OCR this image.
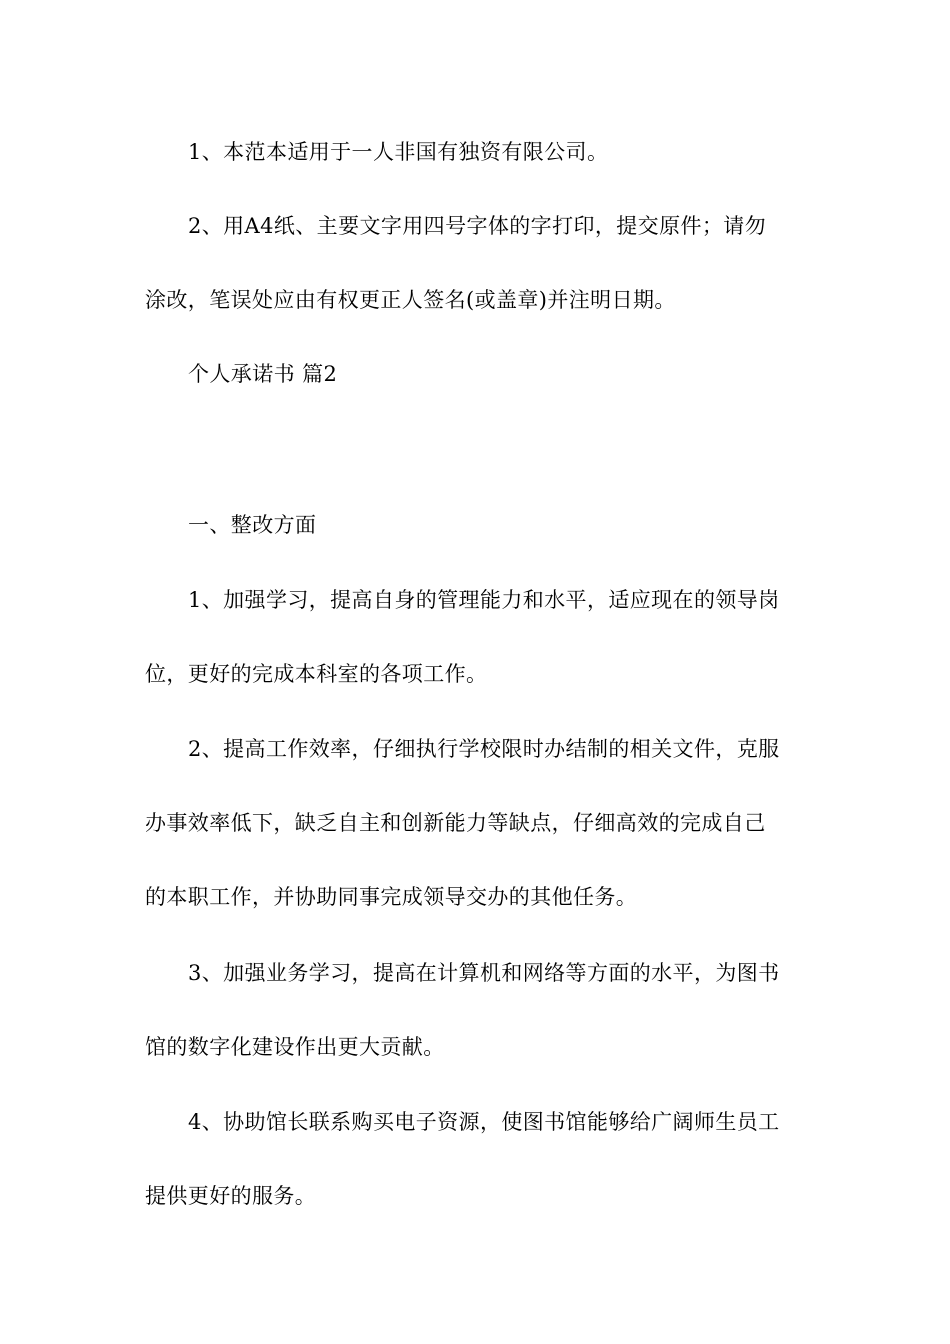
1、本范本适用于一人非国有独资有限公司。

2、用A4纸、主要文字用四号字体的字打印，提交原件；请勿
涂改，笔误处应由有权更正人签名(或盖章)并注明日期。

个人承诺书 篇2

一、整改方面

1、加强学习，提高自身的管理能力和水平，适应现在的领导岗
位，更好的完成本科室的各项工作。

2、提高工作效率，仔细执行学校限时办结制的相关文件，克服
办事效率低下，缺乏自主和创新能力等缺点，仔细高效的完成自己
的本职工作，并协助同事完成领导交办的其他任务。

3、加强业务学习，提高在计算机和网络等方面的水平，为图书
馆的数字化建设作出更大贡献。

4、协助馆长联系购买电子资源，使图书馆能够给广阔师生员工
提供更好的服务。
